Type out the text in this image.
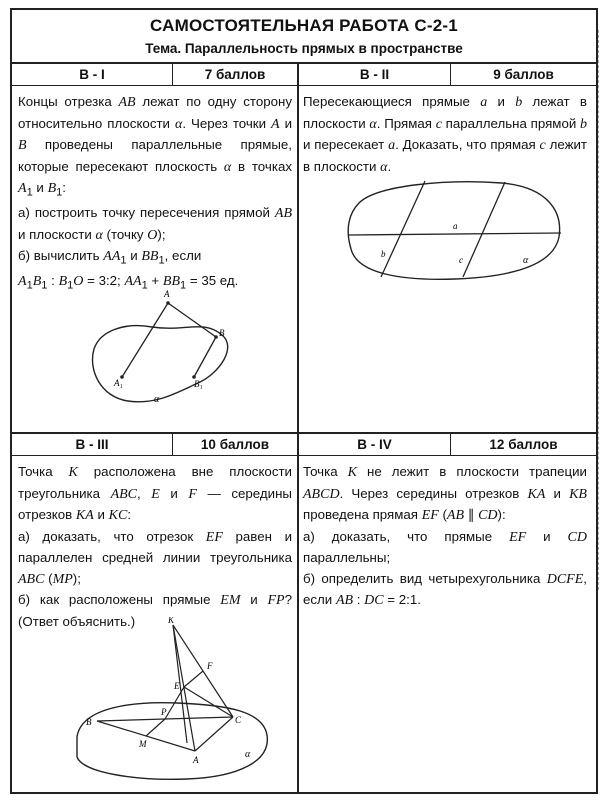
САМОСТОЯТЕЛЬНАЯ РАБОТА С-2-1
Тема. Параллельность прямых в пространстве
В - I	7 баллов	В - II	9 баллов

Концы отрезка AB лежат по одну сторону относительно плоскости α. Через точки A и B проведены параллельные прямые, которые пересекают плоскость α в точках $A_1$ и $B_1$:

а) построить точку пересечения прямой AB и плоскости α (точку O);

б) вычислить $AA_1$ и $BB_1$, если

$A_1B_1$ : $B_1O$ = 3:2; $AA_1 + BB_1 = 35$ ед.

A
B
A₁	B₁
α

Пересекающиеся прямые a и b лежат в плоскости α. Прямая c параллельна прямой b и пересекает a. Доказать, что прямая c лежит в плоскости α.

a
b
c	α
В - III	10 баллов	В - IV	12 баллов

Точка K расположена вне плоскости треугольника ABC, E и F — середины отрезков KA и KC:

а) доказать, что отрезок EF равен и параллелен средней линии треугольника ABC (MP);

б) как расположены прямые EM и FP? (Ответ объяснить.)	K
F
E
P
B	C
M
A	α

Точка K не лежит в плоскости трапеции ABCD. Через середины отрезков KA и KB проведена прямая EF (AB ∥ CD):

а) доказать, что прямые EF и CD параллельны;

б) определить вид четырехугольника DCFE, если AB : DC = 2:1.
